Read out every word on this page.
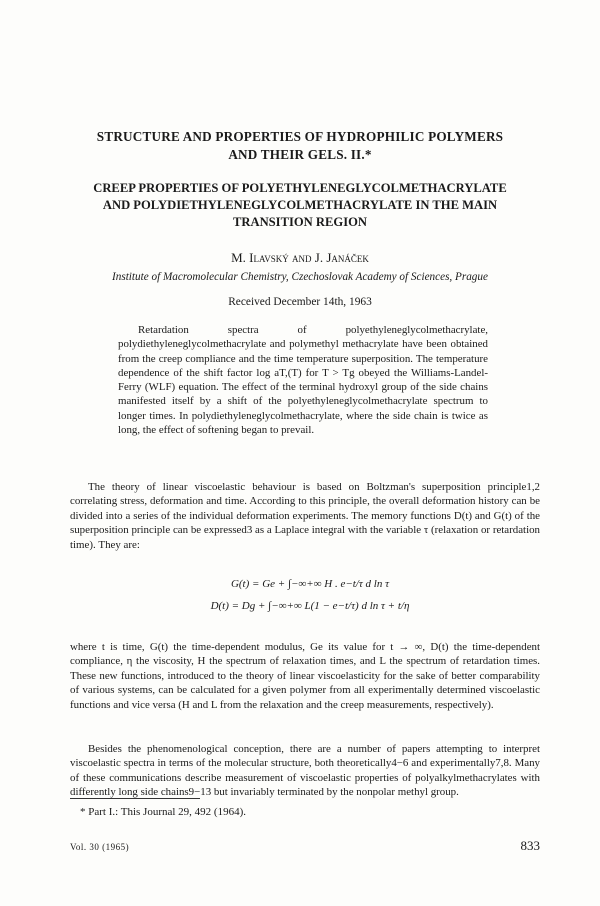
STRUCTURE AND PROPERTIES OF HYDROPHILIC POLYMERS
AND THEIR GELS. II.*
CREEP PROPERTIES OF POLYETHYLENEGLYCOLMETHACRYLATE
AND POLYDIETHYLENEGLYCOLMETHACRYLATE IN THE MAIN
TRANSITION REGION
M. Ilavský and J. Janáček
Institute of Macromolecular Chemistry, Czechoslovak Academy of Sciences, Prague
Received December 14th, 1963

Retardation spectra of polyethyleneglycolmethacrylate, polydiethyleneglycolmethacrylate and polymethyl methacrylate have been obtained from the creep compliance and the time temperature superposition. The temperature dependence of the shift factor log aT,(T) for T > Tg obeyed the Williams-Landel-Ferry (WLF) equation. The effect of the terminal hydroxyl group of the side chains manifested itself by a shift of the polyethyleneglycolmethacrylate spectrum to longer times. In polydiethyleneglycolmethacrylate, where the side chain is twice as long, the effect of softening began to prevail.

The theory of linear viscoelastic behaviour is based on Boltzman's superposition principle1,2 correlating stress, deformation and time. According to this principle, the overall deformation history can be divided into a series of the individual deformation experiments. The memory functions D(t) and G(t) of the superposition principle can be expressed3 as a Laplace integral with the variable τ (relaxation or retardation time). They are:

G(t) = Ge + ∫−∞+∞ H . e−t/τ d ln τ
D(t) = Dg + ∫−∞+∞ L(1 − e−t/τ) d ln τ + t/η

where t is time, G(t) the time-dependent modulus, Ge its value for t → ∞, D(t) the time-dependent compliance, η the viscosity, H the spectrum of relaxation times, and L the spectrum of retardation times. These new functions, introduced to the theory of linear viscoelasticity for the sake of better comparability of various systems, can be calculated for a given polymer from all experimentally determined viscoelastic functions and vice versa (H and L from the relaxation and the creep measurements, respectively).

Besides the phenomenological conception, there are a number of papers attempting to interpret viscoelastic spectra in terms of the molecular structure, both theoretically4−6 and experimentally7,8. Many of these communications describe measurement of viscoelastic properties of polyalkylmethacrylates with differently long side chains9−13 but invariably terminated by the nonpolar methyl group.

* Part I.: This Journal 29, 492 (1964).
Vol. 30 (1965)	833
